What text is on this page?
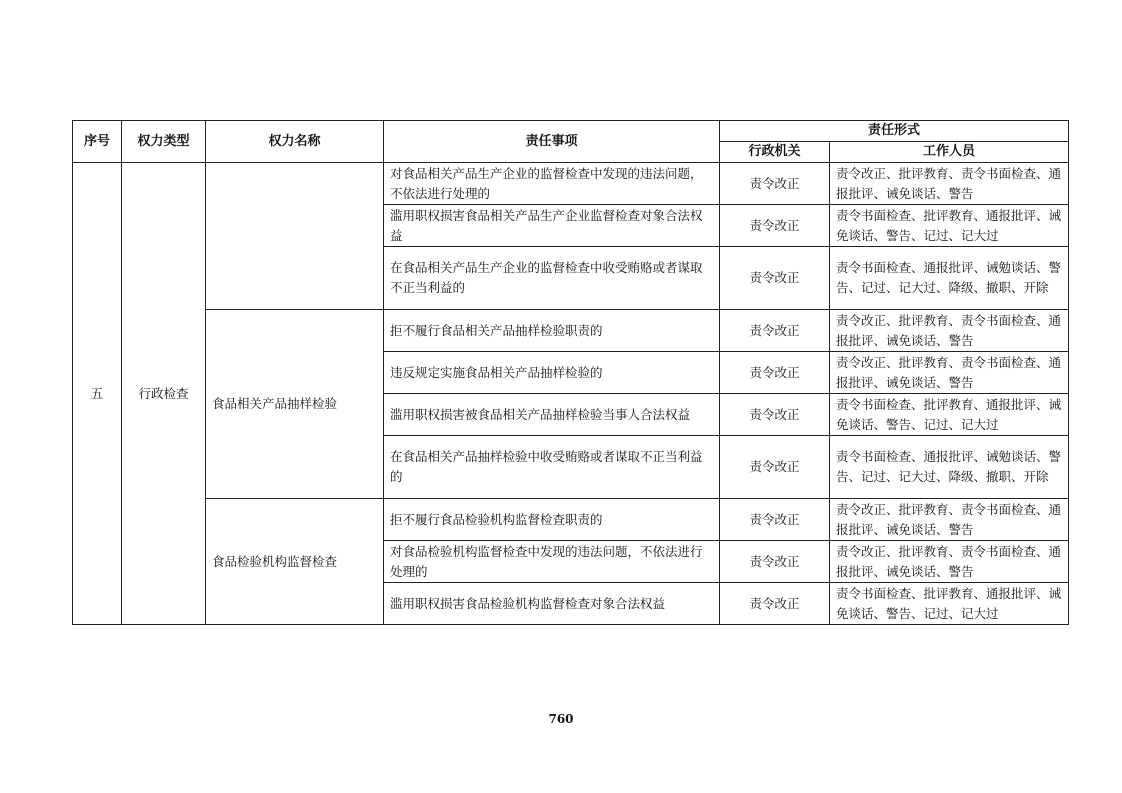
序号	权力类型	权力名称	责任事项	责任形式	
				行政机关	工作人员
五	行政检查		对食品相关产品生产企业的监督检查中发现的违法问题，不依法进行处理的	责令改正	责令改正、批评教育、责令书面检查、通报批评、诫免谈话、警告
			滥用职权损害食品相关产品生产企业监督检查对象合法权益	责令改正	责令书面检查、批评教育、通报批评、诫免谈话、警告、记过、记大过
			在食品相关产品生产企业的监督检查中收受贿赂或者谋取不正当利益的	责令改正	责令书面检查、通报批评、诫勉谈话、警告、记过、记大过、降级、撤职、开除
		食品相关产品抽样检验	拒不履行食品相关产品抽样检验职责的	责令改正	责令改正、批评教育、责令书面检查、通报批评、诫免谈话、警告
			违反规定实施食品相关产品抽样检验的	责令改正	责令改正、批评教育、责令书面检查、通报批评、诫免谈话、警告
			滥用职权损害被食品相关产品抽样检验当事人合法权益	责令改正	责令书面检查、批评教育、通报批评、诫免谈话、警告、记过、记大过
			在食品相关产品抽样检验中收受贿赂或者谋取不正当利益的	责令改正	责令书面检查、通报批评、诫勉谈话、警告、记过、记大过、降级、撤职、开除
		食品检验机构监督检查	拒不履行食品检验机构监督检查职责的	责令改正	责令改正、批评教育、责令书面检查、通报批评、诫免谈话、警告
			对食品检验机构监督检查中发现的违法问题，不依法进行处理的	责令改正	责令改正、批评教育、责令书面检查、通报批评、诫免谈话、警告
			滥用职权损害食品检验机构监督检查对象合法权益	责令改正	责令书面检查、批评教育、通报批评、诫免谈话、警告、记过、记大过
760
